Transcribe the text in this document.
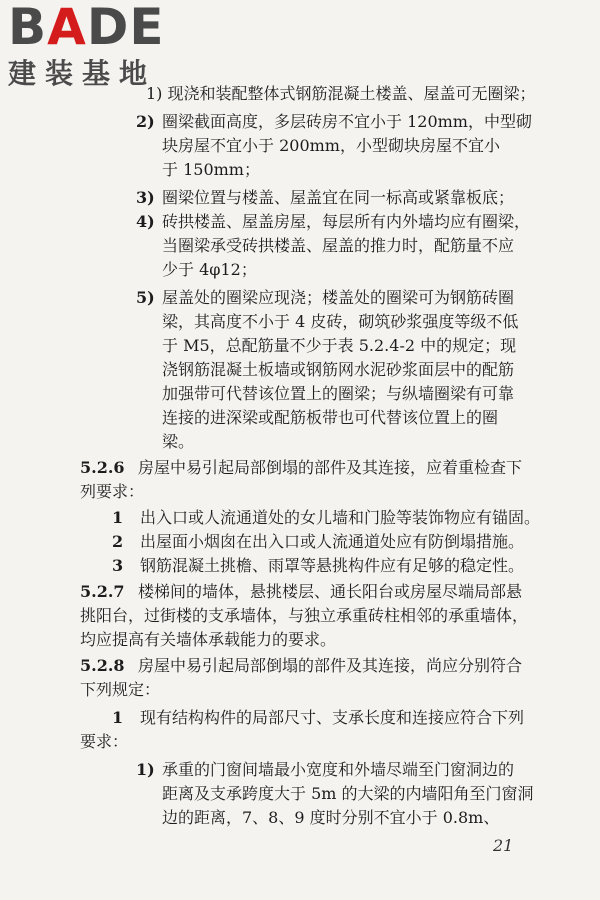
BADE
建装基地
1) 现浇和装配整体式钢筋混凝土楼盖、屋盖可无圈梁；
2) 圈梁截面高度，多层砖房不宜小于 120mm，中型砌
块房屋不宜小于 200mm，小型砌块房屋不宜小
于 150mm；
3) 圈梁位置与楼盖、屋盖宜在同一标高或紧靠板底；
4) 砖拱楼盖、屋盖房屋，每层所有内外墙均应有圈梁，
当圈梁承受砖拱楼盖、屋盖的推力时，配筋量不应
少于 4φ12；
5) 屋盖处的圈梁应现浇；楼盖处的圈梁可为钢筋砖圈
梁，其高度不小于 4 皮砖，砌筑砂浆强度等级不低
于 M5，总配筋量不少于表 5.2.4-2 中的规定；现
浇钢筋混凝土板墙或钢筋网水泥砂浆面层中的配筋
加强带可代替该位置上的圈梁；与纵墙圈梁有可靠
连接的进深梁或配筋板带也可代替该位置上的圈
梁。
5.2.6 房屋中易引起局部倒塌的部件及其连接，应着重检查下
列要求：
1 出入口或人流通道处的女儿墙和门脸等装饰物应有锚固。
2 出屋面小烟囱在出入口或人流通道处应有防倒塌措施。
3 钢筋混凝土挑檐、雨罩等悬挑构件应有足够的稳定性。
5.2.7 楼梯间的墙体，悬挑楼层、通长阳台或房屋尽端局部悬
挑阳台，过街楼的支承墙体，与独立承重砖柱相邻的承重墙体，
均应提高有关墙体承载能力的要求。
5.2.8 房屋中易引起局部倒塌的部件及其连接，尚应分别符合
下列规定：
1 现有结构构件的局部尺寸、支承长度和连接应符合下列
要求：
1) 承重的门窗间墙最小宽度和外墙尽端至门窗洞边的
距离及支承跨度大于 5m 的大梁的内墙阳角至门窗洞
边的距离，7、8、9 度时分别不宜小于 0.8m、
21
